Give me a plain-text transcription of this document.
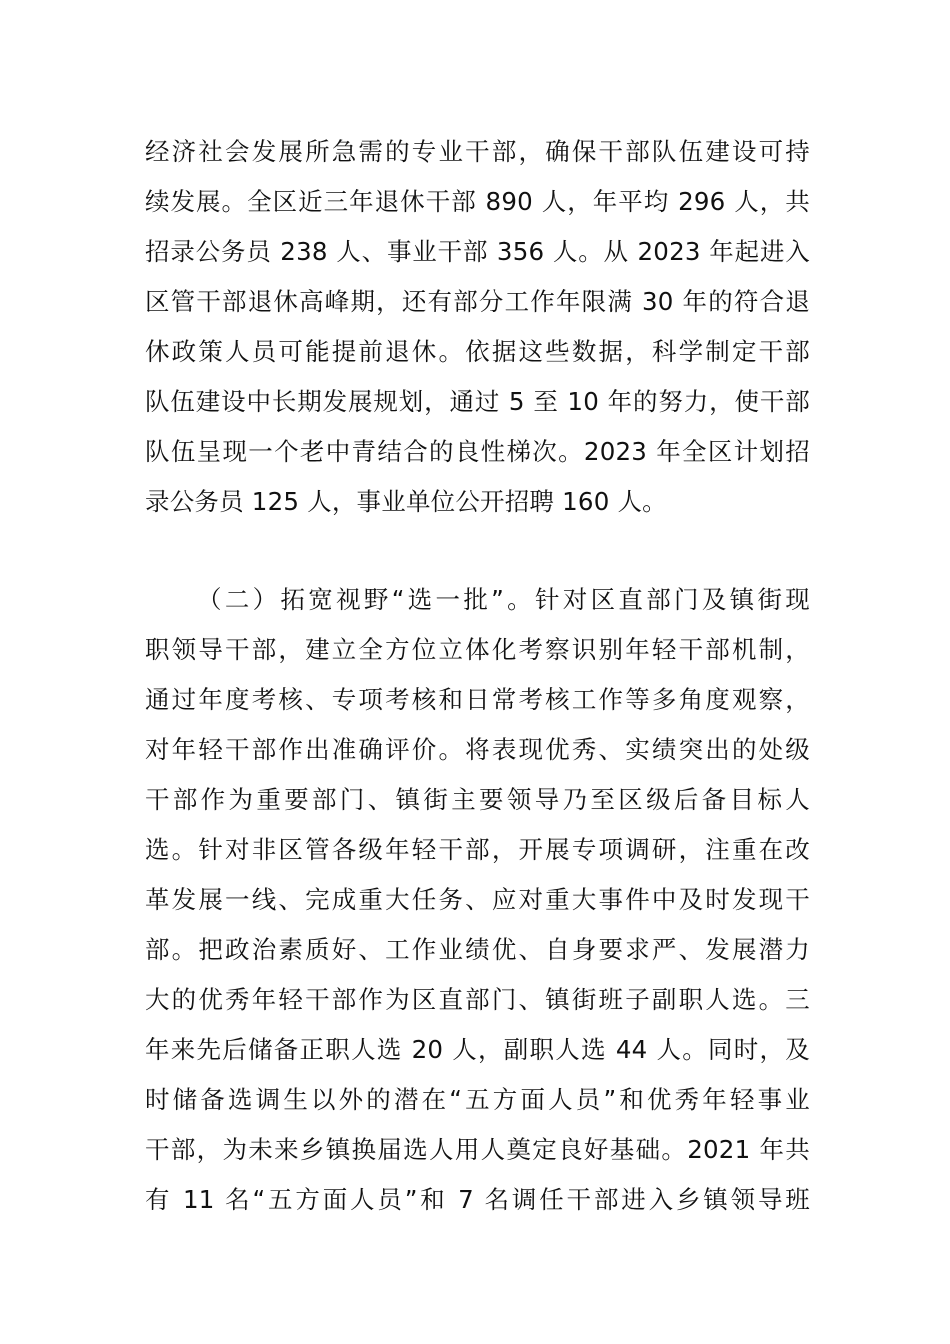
经济社会发展所急需的专业干部，确保干部队伍建设可持
续发展。全区近三年退休干部 890 人，年平均 296 人，共
招录公务员 238 人、事业干部 356 人。从 2023 年起进入
区管干部退休高峰期，还有部分工作年限满 30 年的符合退
休政策人员可能提前退休。依据这些数据，科学制定干部
队伍建设中长期发展规划，通过 5 至 10 年的努力，使干部
队伍呈现一个老中青结合的良性梯次。2023 年全区计划招
录公务员 125 人，事业单位公开招聘 160 人。
（二）拓宽视野“选一批”。针对区直部门及镇街现
职领导干部，建立全方位立体化考察识别年轻干部机制，
通过年度考核、专项考核和日常考核工作等多角度观察，
对年轻干部作出准确评价。将表现优秀、实绩突出的处级
干部作为重要部门、镇街主要领导乃至区级后备目标人
选。针对非区管各级年轻干部，开展专项调研，注重在改
革发展一线、完成重大任务、应对重大事件中及时发现干
部。把政治素质好、工作业绩优、自身要求严、发展潜力
大的优秀年轻干部作为区直部门、镇街班子副职人选。三
年来先后储备正职人选 20 人，副职人选 44 人。同时，及
时储备选调生以外的潜在“五方面人员”和优秀年轻事业
干部，为未来乡镇换届选人用人奠定良好基础。2021 年共
有 11 名“五方面人员”和 7 名调任干部进入乡镇领导班
